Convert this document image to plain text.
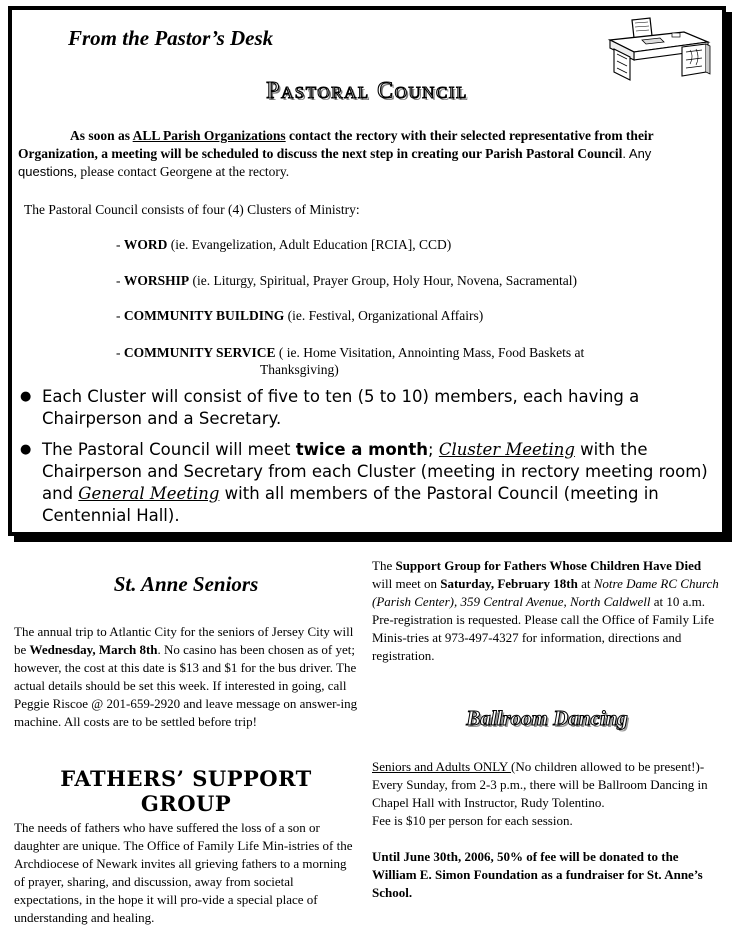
From the Pastor’s Desk
Pastoral Council
As soon as ALL Parish Organizations contact the rectory with their selected representative from their Organization, a meeting will be scheduled to discuss the next step in creating our Parish Pastoral Council. Any questions, please contact Georgene at the rectory.
The Pastoral Council consists of four (4) Clusters of Ministry:
- WORD (ie. Evangelization, Adult Education [RCIA], CCD)
- WORSHIP (ie. Liturgy, Spiritual, Prayer Group, Holy Hour, Novena, Sacramental)
- COMMUNITY BUILDING (ie. Festival, Organizational Affairs)
- COMMUNITY SERVICE ( ie. Home Visitation, Annointing Mass, Food Baskets at
Thanksgiving)
● Each Cluster will consist of five to ten (5 to 10) members, each having a Chairperson and a Secretary.
● The Pastoral Council will meet twice a month; Cluster Meeting with the Chairperson and Secretary from each Cluster (meeting in rectory meeting room) and General Meeting with all members of the Pastoral Council (meeting in Centennial Hall).
St. Anne Seniors
The annual trip to Atlantic City for the seniors of Jersey City will be Wednesday, March 8th. No casino has been chosen as of yet; however, the cost at this date is $13 and $1 for the bus driver. The actual details should be set this week. If interested in going, call Peggie Riscoe @ 201-659-2920 and leave message on answer-ing machine. All costs are to be settled before trip!
FATHERS’ SUPPORT GROUP
The needs of fathers who have suffered the loss of a son or daughter are unique. The Office of Family Life Min-istries of the Archdiocese of Newark invites all grieving fathers to a morning of prayer, sharing, and discussion, away from societal expectations, in the hope it will pro-vide a special place of understanding and healing.
The Support Group for Fathers Whose Children Have Died will meet on Saturday, February 18th at Notre Dame RC Church (Parish Center), 359 Central Avenue, North Caldwell at 10 a.m. Pre-registration is requested. Please call the Office of Family Life Minis-tries at 973-497-4327 for information, directions and registration.
Ballroom Dancing
Seniors and Adults ONLY (No children allowed to be present!)-Every Sunday, from 2-3 p.m., there will be Ballroom Dancing in Chapel Hall with Instructor, Rudy Tolentino.
Fee is $10 per person for each session.
Until June 30th, 2006, 50% of fee will be donated to the William E. Simon Foundation as a fundraiser for St. Anne’s School.
